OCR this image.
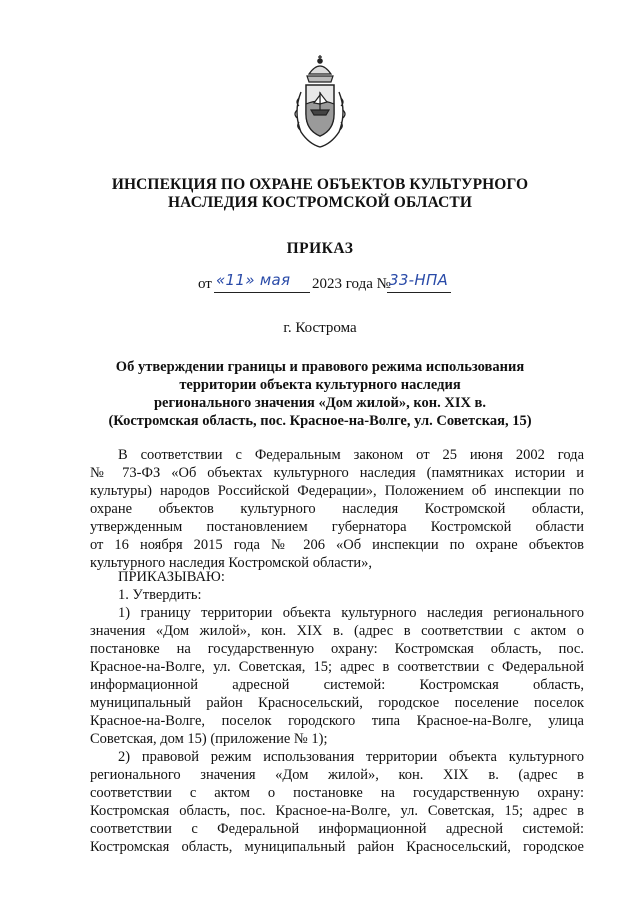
ИНСПЕКЦИЯ ПО ОХРАНЕ ОБЪЕКТОВ КУЛЬТУРНОГО

НАСЛЕДИЯ КОСТРОМСКОЙ ОБЛАСТИ

ПРИКАЗ

от «11» мая 2023 года №
33-НПА

г. Кострома

Об утверждении границы и правового режима использования

территории объекта культурного наследия

регионального значения «Дом жилой», кон. XIX в.

(Костромская область, пос. Красное-на-Волге, ул. Советская, 15)

В соответствии с Федеральным законом от 25 июня 2002 года

№ 73-ФЗ «Об объектах культурного наследия (памятниках истории и

культуры) народов Российской Федерации», Положением об инспекции по

охране объектов культурного наследия Костромской области,

утвержденным постановлением губернатора Костромской области

от 16 ноября 2015 года № 206 «Об инспекции по охране объектов

культурного наследия Костромской области»,

ПРИКАЗЫВАЮ:

1. Утвердить:

1) границу территории объекта культурного наследия регионального

значения «Дом жилой», кон. XIX в. (адрес в соответствии с актом о

постановке на государственную охрану: Костромская область, пос.

Красное-на-Волге, ул. Советская, 15; адрес в соответствии с Федеральной

информационной адресной системой: Костромская область,

муниципальный район Красносельский, городское поселение поселок

Красное-на-Волге, поселок городского типа Красное-на-Волге, улица

Советская, дом 15) (приложение № 1);

2) правовой режим использования территории объекта культурного

регионального значения «Дом жилой», кон. XIX в. (адрес в

соответствии с актом о постановке на государственную охрану:

Костромская область, пос. Красное-на-Волге, ул. Советская, 15; адрес в

соответствии с Федеральной информационной адресной системой:

Костромская область, муниципальный район Красносельский, городское
